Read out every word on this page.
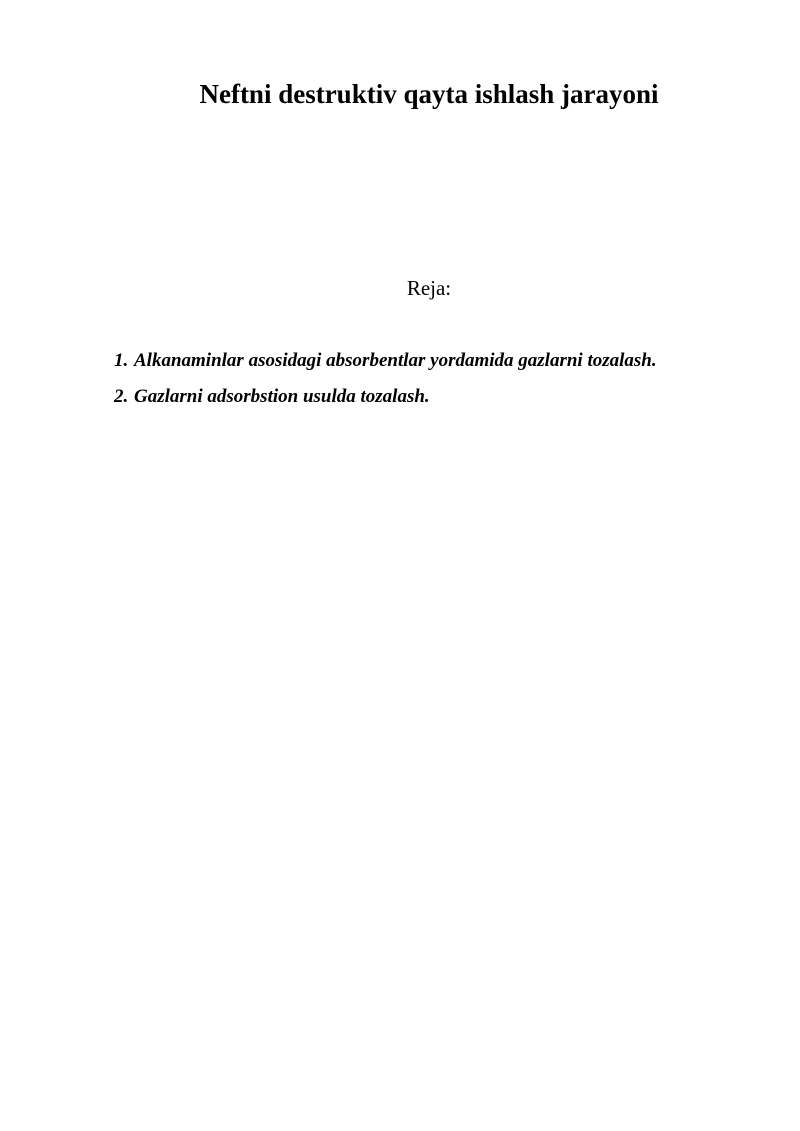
Neftni destruktiv qayta ishlash jarayoni

Reja:

1. Alkanaminlar asosidagi absorbentlar yordamida gazlarni tozalash.
2. Gazlarni adsorbstion usulda tozalash.
